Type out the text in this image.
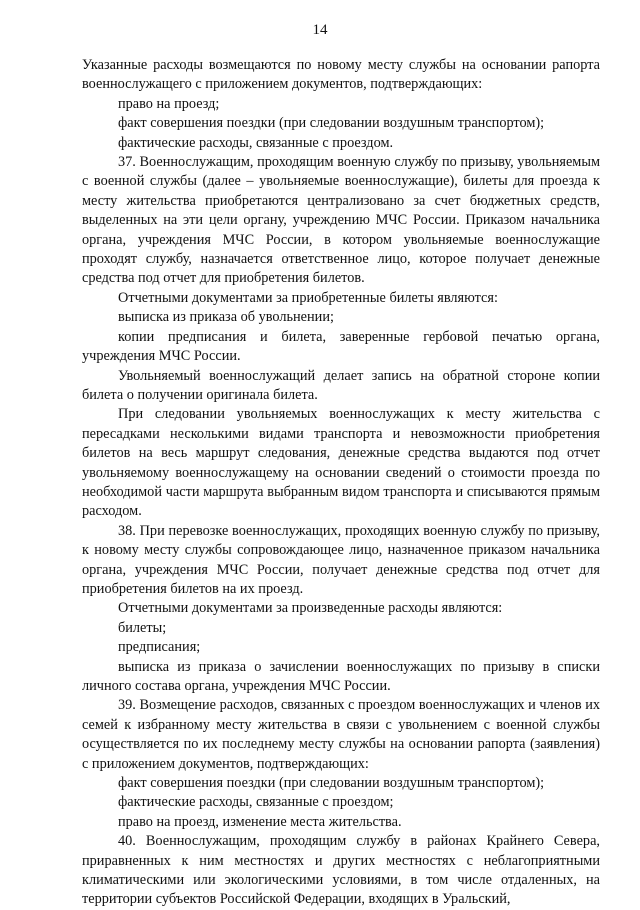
14

Указанные расходы возмещаются по новому месту службы на основании рапорта военнослужащего с приложением документов, подтверждающих:

право на проезд;

факт совершения поездки (при следовании воздушным транспортом);

фактические расходы, связанные с проездом.

37. Военнослужащим, проходящим военную службу по призыву, увольняемым с военной службы (далее – увольняемые военнослужащие), билеты для проезда к месту жительства приобретаются централизовано за счет бюджетных средств, выделенных на эти цели органу, учреждению МЧС России. Приказом начальника органа, учреждения МЧС России, в котором увольняемые военнослужащие проходят службу, назначается ответственное лицо, которое получает денежные средства под отчет для приобретения билетов.

Отчетными документами за приобретенные билеты являются:

выписка из приказа об увольнении;

копии предписания и билета, заверенные гербовой печатью органа, учреждения МЧС России.

Увольняемый военнослужащий делает запись на обратной стороне копии билета о получении оригинала билета.

При следовании увольняемых военнослужащих к месту жительства с пересадками несколькими видами транспорта и невозможности приобретения билетов на весь маршрут следования, денежные средства выдаются под отчет увольняемому военнослужащему на основании сведений о стоимости проезда по необходимой части маршрута выбранным видом транспорта и списываются прямым расходом.

38. При перевозке военнослужащих, проходящих военную службу по призыву, к новому месту службы сопровождающее лицо, назначенное приказом начальника органа, учреждения МЧС России, получает денежные средства под отчет для приобретения билетов на их проезд.

Отчетными документами за произведенные расходы являются:

билеты;

предписания;

выписка из приказа о зачислении военнослужащих по призыву в списки личного состава органа, учреждения МЧС России.

39. Возмещение расходов, связанных с проездом военнослужащих и членов их семей к избранному месту жительства в связи с увольнением с военной службы осуществляется по их последнему месту службы на основании рапорта (заявления) с приложением документов, подтверждающих:

факт совершения поездки (при следовании воздушным транспортом);

фактические расходы, связанные с проездом;

право на проезд, изменение места жительства.

40. Военнослужащим, проходящим службу в районах Крайнего Севера, приравненных к ним местностях и других местностях с неблагоприятными климатическими или экологическими условиями, в том числе отдаленных, на территории субъектов Российской Федерации, входящих в Уральский,
